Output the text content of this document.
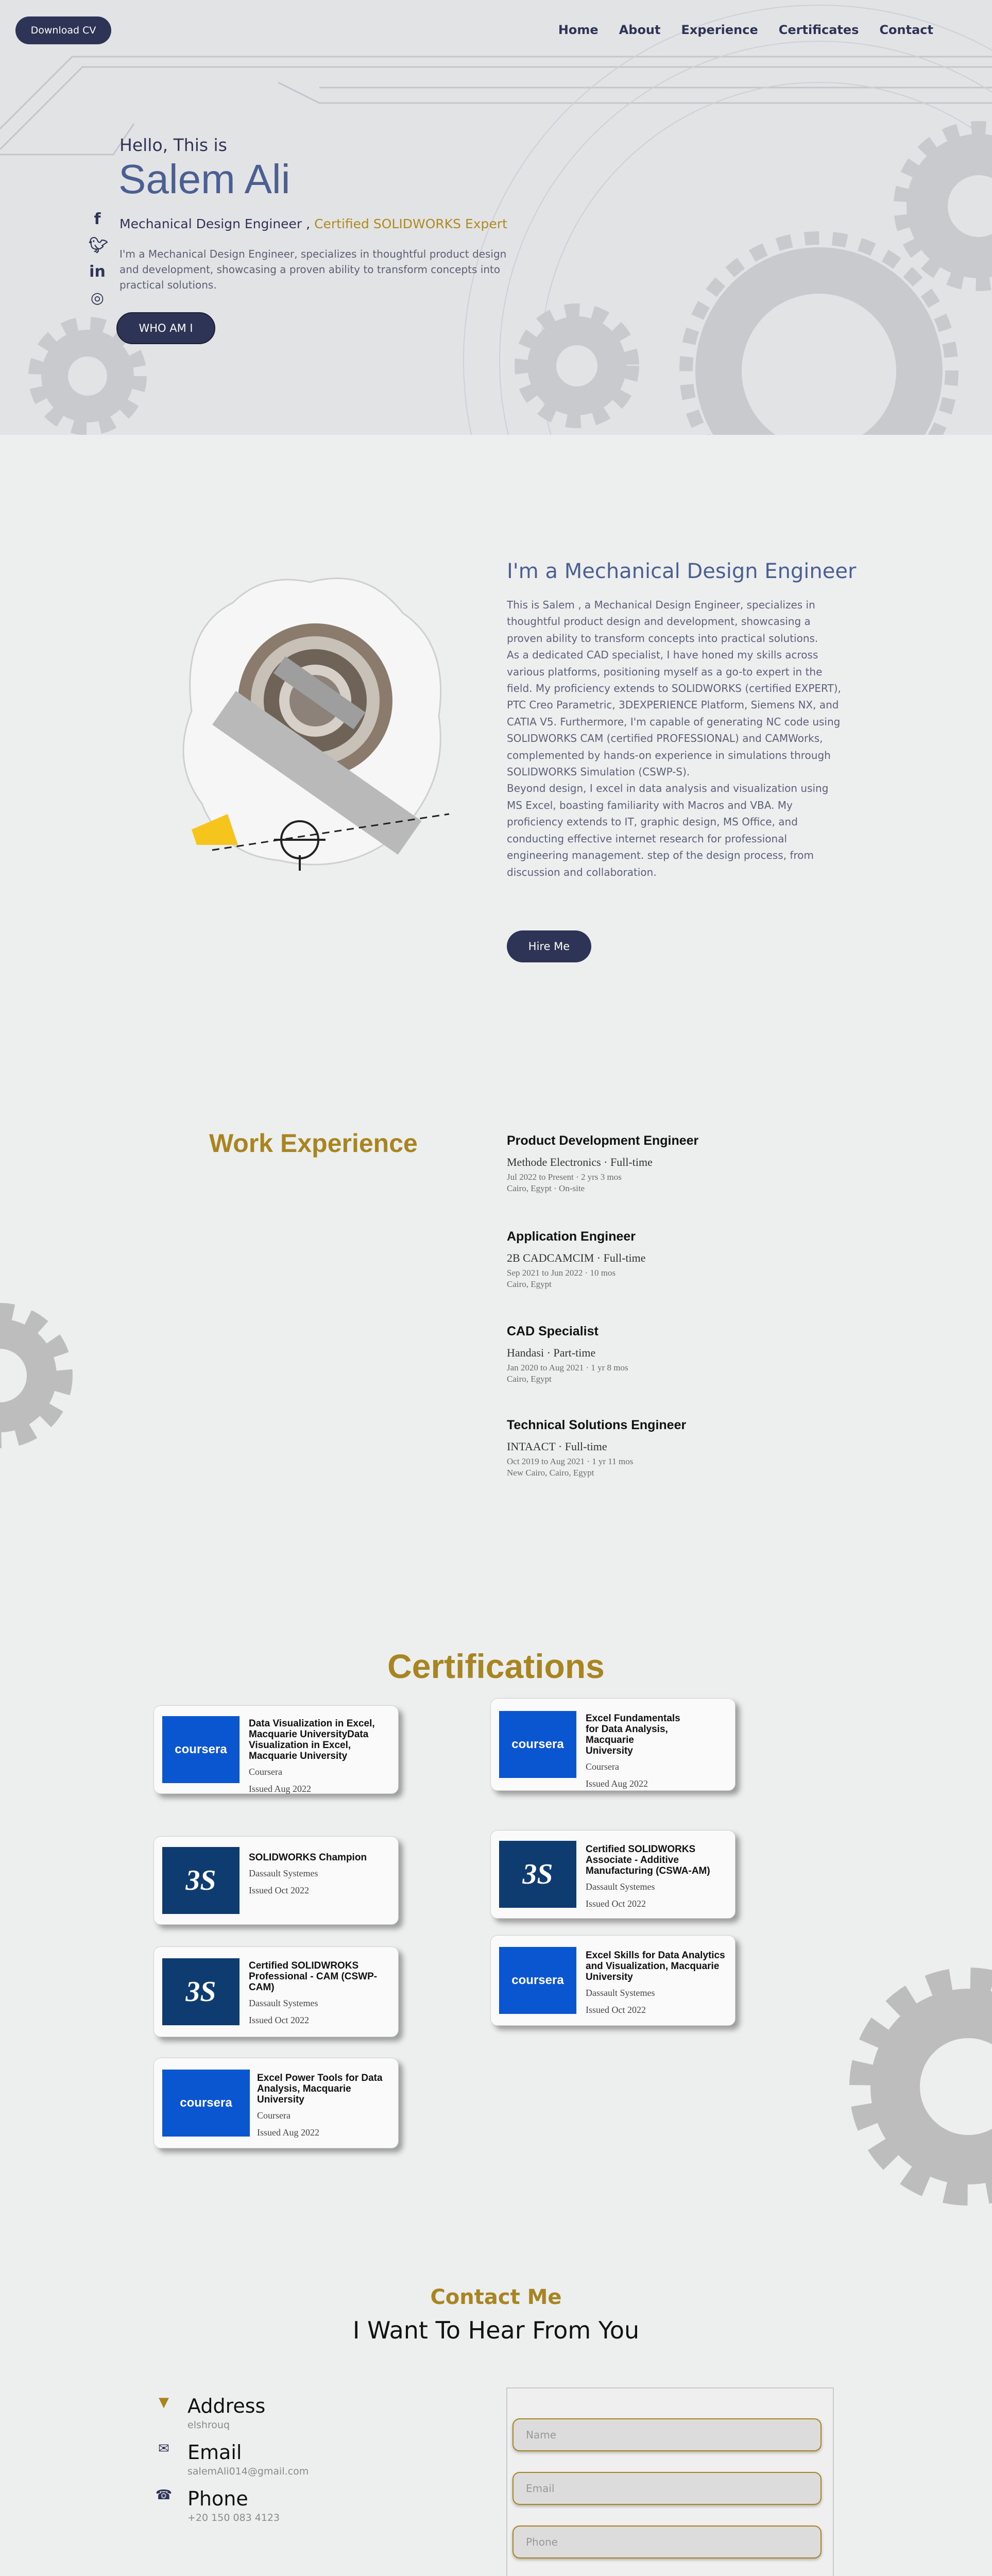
Download CV	Home About Experience Certificates Contact
Hello, This is
Salem Ali
Mechanical Design Engineer , Certified SOLIDWORKS Expert
I'm a Mechanical Design Engineer, specializes in thoughtful product design and development, showcasing a proven ability to transform concepts into practical solutions.
WHO AM I
f
🐦︎
in
◎
I'm a Mechanical Design Engineer

This is Salem , a Mechanical Design Engineer, specializes in thoughtful product design and development, showcasing a proven ability to transform concepts into practical solutions.

As a dedicated CAD specialist, I have honed my skills across various platforms, positioning myself as a go-to expert in the field. My proficiency extends to SOLIDWORKS (certified EXPERT), PTC Creo Parametric, 3DEXPERIENCE Platform, Siemens NX, and CATIA V5. Furthermore, I'm capable of generating NC code using SOLIDWORKS CAM (certified PROFESSIONAL) and CAMWorks, complemented by hands-on experience in simulations through SOLIDWORKS Simulation (CSWP-S).

Beyond design, I excel in data analysis and visualization using MS Excel, boasting familiarity with Macros and VBA. My proficiency extends to IT, graphic design, MS Office, and conducting effective internet research for professional engineering management. step of the design process, from discussion and collaboration.

Hire Me
Work Experience	Product Development Engineer
Methode Electronics · Full-time
Jul 2022 to Present · 2 yrs 3 mos
Cairo, Egypt · On-site
Application Engineer
2B CADCAMCIM · Full-time
Sep 2021 to Jun 2022 · 10 mos
Cairo, Egypt
CAD Specialist
Handasi · Part-time
Jan 2020 to Aug 2021 · 1 yr 8 mos
Cairo, Egypt
Technical Solutions Engineer
INTAACT · Full-time
Oct 2019 to Aug 2021 · 1 yr 11 mos
New Cairo, Cairo, Egypt
Certifications
coursera
Data Visualization in Excel, Macquarie UniversityData Visualization in Excel, Macquarie University
Coursera
Issued Aug 2022
coursera
Excel Fundamentals for Data Analysis, Macquarie University
Coursera
Issued Aug 2022
3S
SOLIDWORKS Champion
Dassault Systemes
Issued Oct 2022	3S
Certified SOLIDWORKS Associate - Additive Manufacturing (CSWA-AM)
Dassault Systemes
Issued Oct 2022
3S
Certified SOLIDWROKS Professional - CAM (CSWP-CAM)
Dassault Systemes
Issued Oct 2022
coursera
Excel Skills for Data Analytics and Visualization, Macquarie University
Dassault Systemes
Issued Oct 2022
coursera
Excel Power Tools for Data Analysis, Macquarie University
Coursera
Issued Aug 2022
Contact Me
I Want To Hear From You
▼ Address
elshrouq
✉ Email
salemAli014@gmail.com
☎ Phone
+20 150 083 4123
Name
Email
Phone
